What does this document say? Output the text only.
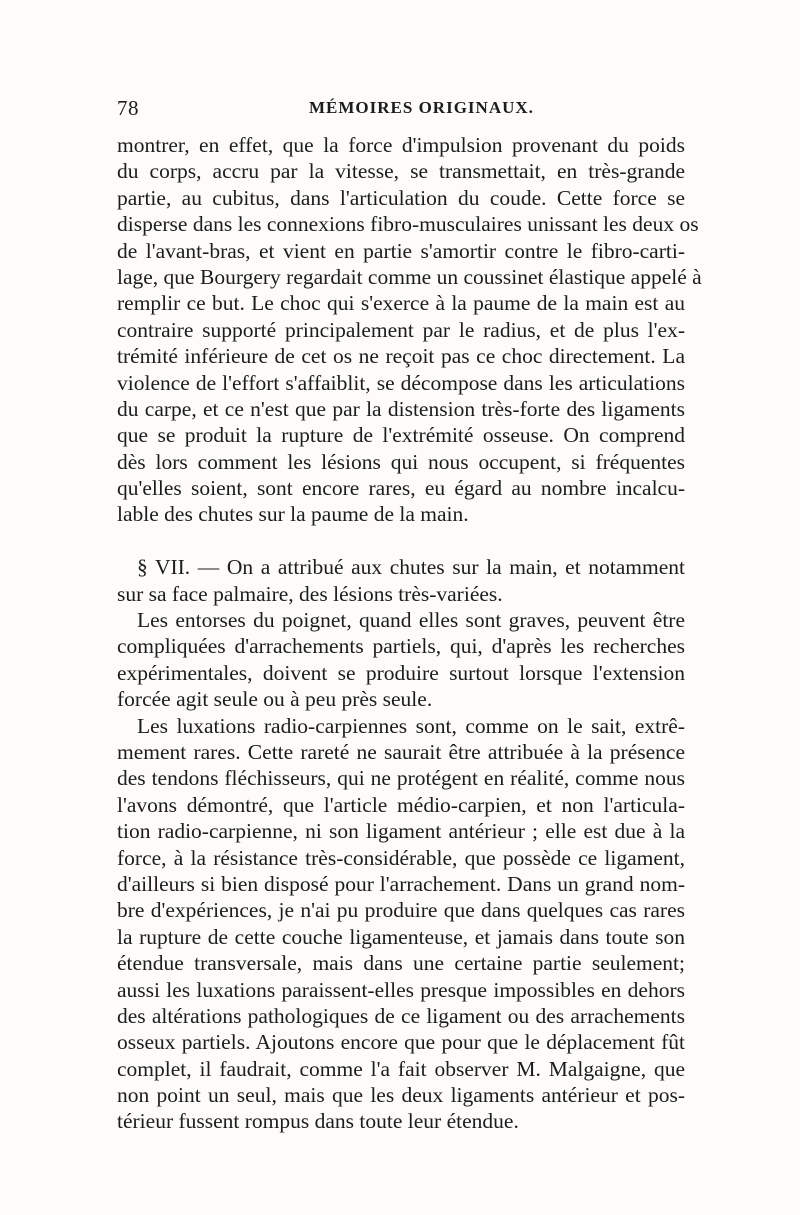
78	MÉMOIRES ORIGINAUX.
montrer, en effet, que la force d'impulsion provenant du poids
du corps, accru par la vitesse, se transmettait, en très-grande
partie, au cubitus, dans l'articulation du coude. Cette force se
disperse dans les connexions fibro-musculaires unissant les deux os
de l'avant-bras, et vient en partie s'amortir contre le fibro-carti-
lage, que Bourgery regardait comme un coussinet élastique appelé à
remplir ce but. Le choc qui s'exerce à la paume de la main est au
contraire supporté principalement par le radius, et de plus l'ex-
trémité inférieure de cet os ne reçoit pas ce choc directement. La
violence de l'effort s'affaiblit, se décompose dans les articulations
du carpe, et ce n'est que par la distension très-forte des ligaments
que se produit la rupture de l'extrémité osseuse. On comprend
dès lors comment les lésions qui nous occupent, si fréquentes
qu'elles soient, sont encore rares, eu égard au nombre incalcu-
lable des chutes sur la paume de la main.
§ VII. — On a attribué aux chutes sur la main, et notamment
sur sa face palmaire, des lésions très-variées.
Les entorses du poignet, quand elles sont graves, peuvent être
compliquées d'arrachements partiels, qui, d'après les recherches
expérimentales, doivent se produire surtout lorsque l'extension
forcée agit seule ou à peu près seule.
Les luxations radio-carpiennes sont, comme on le sait, extrê-
mement rares. Cette rareté ne saurait être attribuée à la présence
des tendons fléchisseurs, qui ne protégent en réalité, comme nous
l'avons démontré, que l'article médio-carpien, et non l'articula-
tion radio-carpienne, ni son ligament antérieur ; elle est due à la
force, à la résistance très-considérable, que possède ce ligament,
d'ailleurs si bien disposé pour l'arrachement. Dans un grand nom-
bre d'expériences, je n'ai pu produire que dans quelques cas rares
la rupture de cette couche ligamenteuse, et jamais dans toute son
étendue transversale, mais dans une certaine partie seulement;
aussi les luxations paraissent-elles presque impossibles en dehors
des altérations pathologiques de ce ligament ou des arrachements
osseux partiels. Ajoutons encore que pour que le déplacement fût
complet, il faudrait, comme l'a fait observer M. Malgaigne, que
non point un seul, mais que les deux ligaments antérieur et pos-
térieur fussent rompus dans toute leur étendue.
